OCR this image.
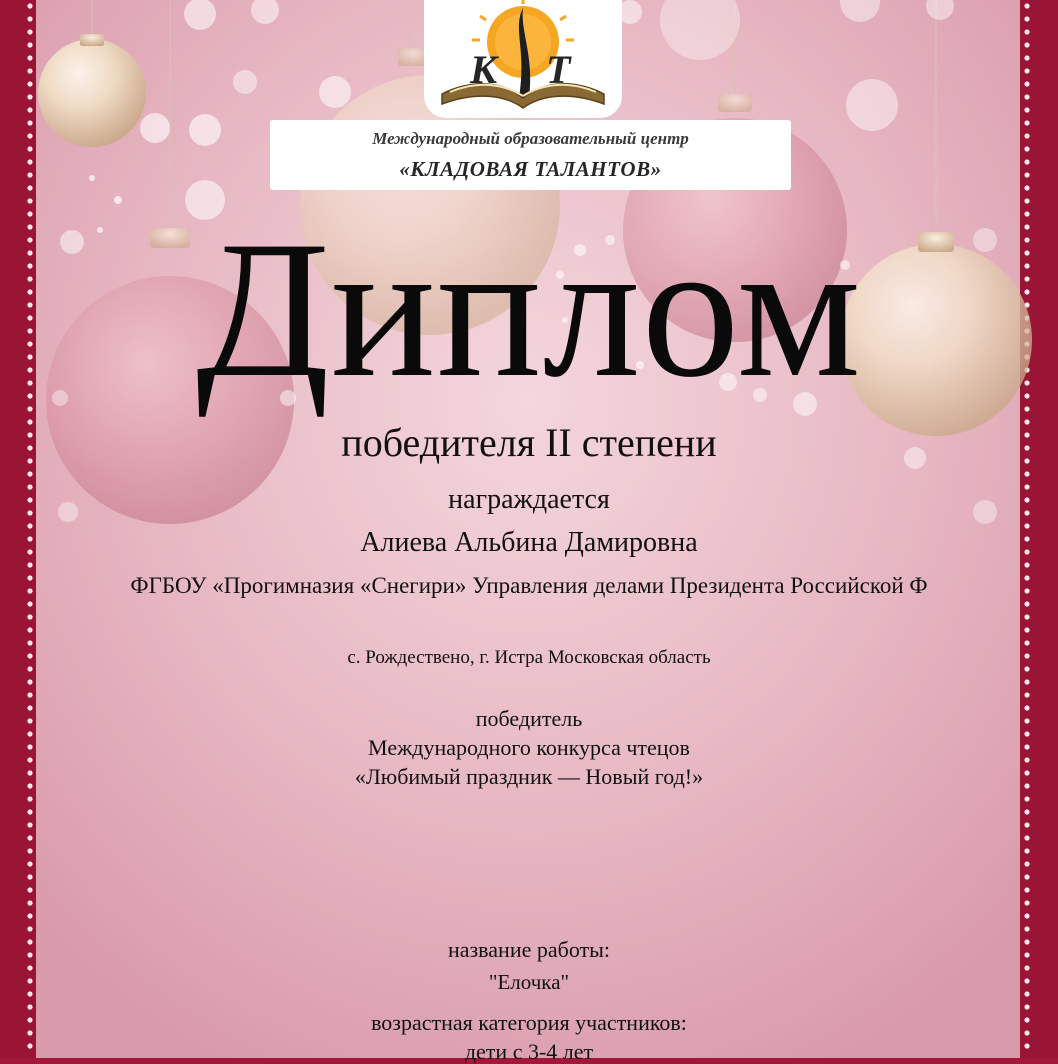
К Т
Международный образовательный центр
«КЛАДОВАЯ ТАЛАНТОВ»
Диплом
победителя II степени
награждается
Алиева Альбина Дамировна
ФГБОУ «Прогимназия «Снегири» Управления делами Президента Российской Ф
с. Рождествено, г. Истра Московская область
победитель
Международного конкурса чтецов
«Любимый праздник — Новый год!»
название работы:
"Елочка"
возрастная категория участников:
дети с 3-4 лет
